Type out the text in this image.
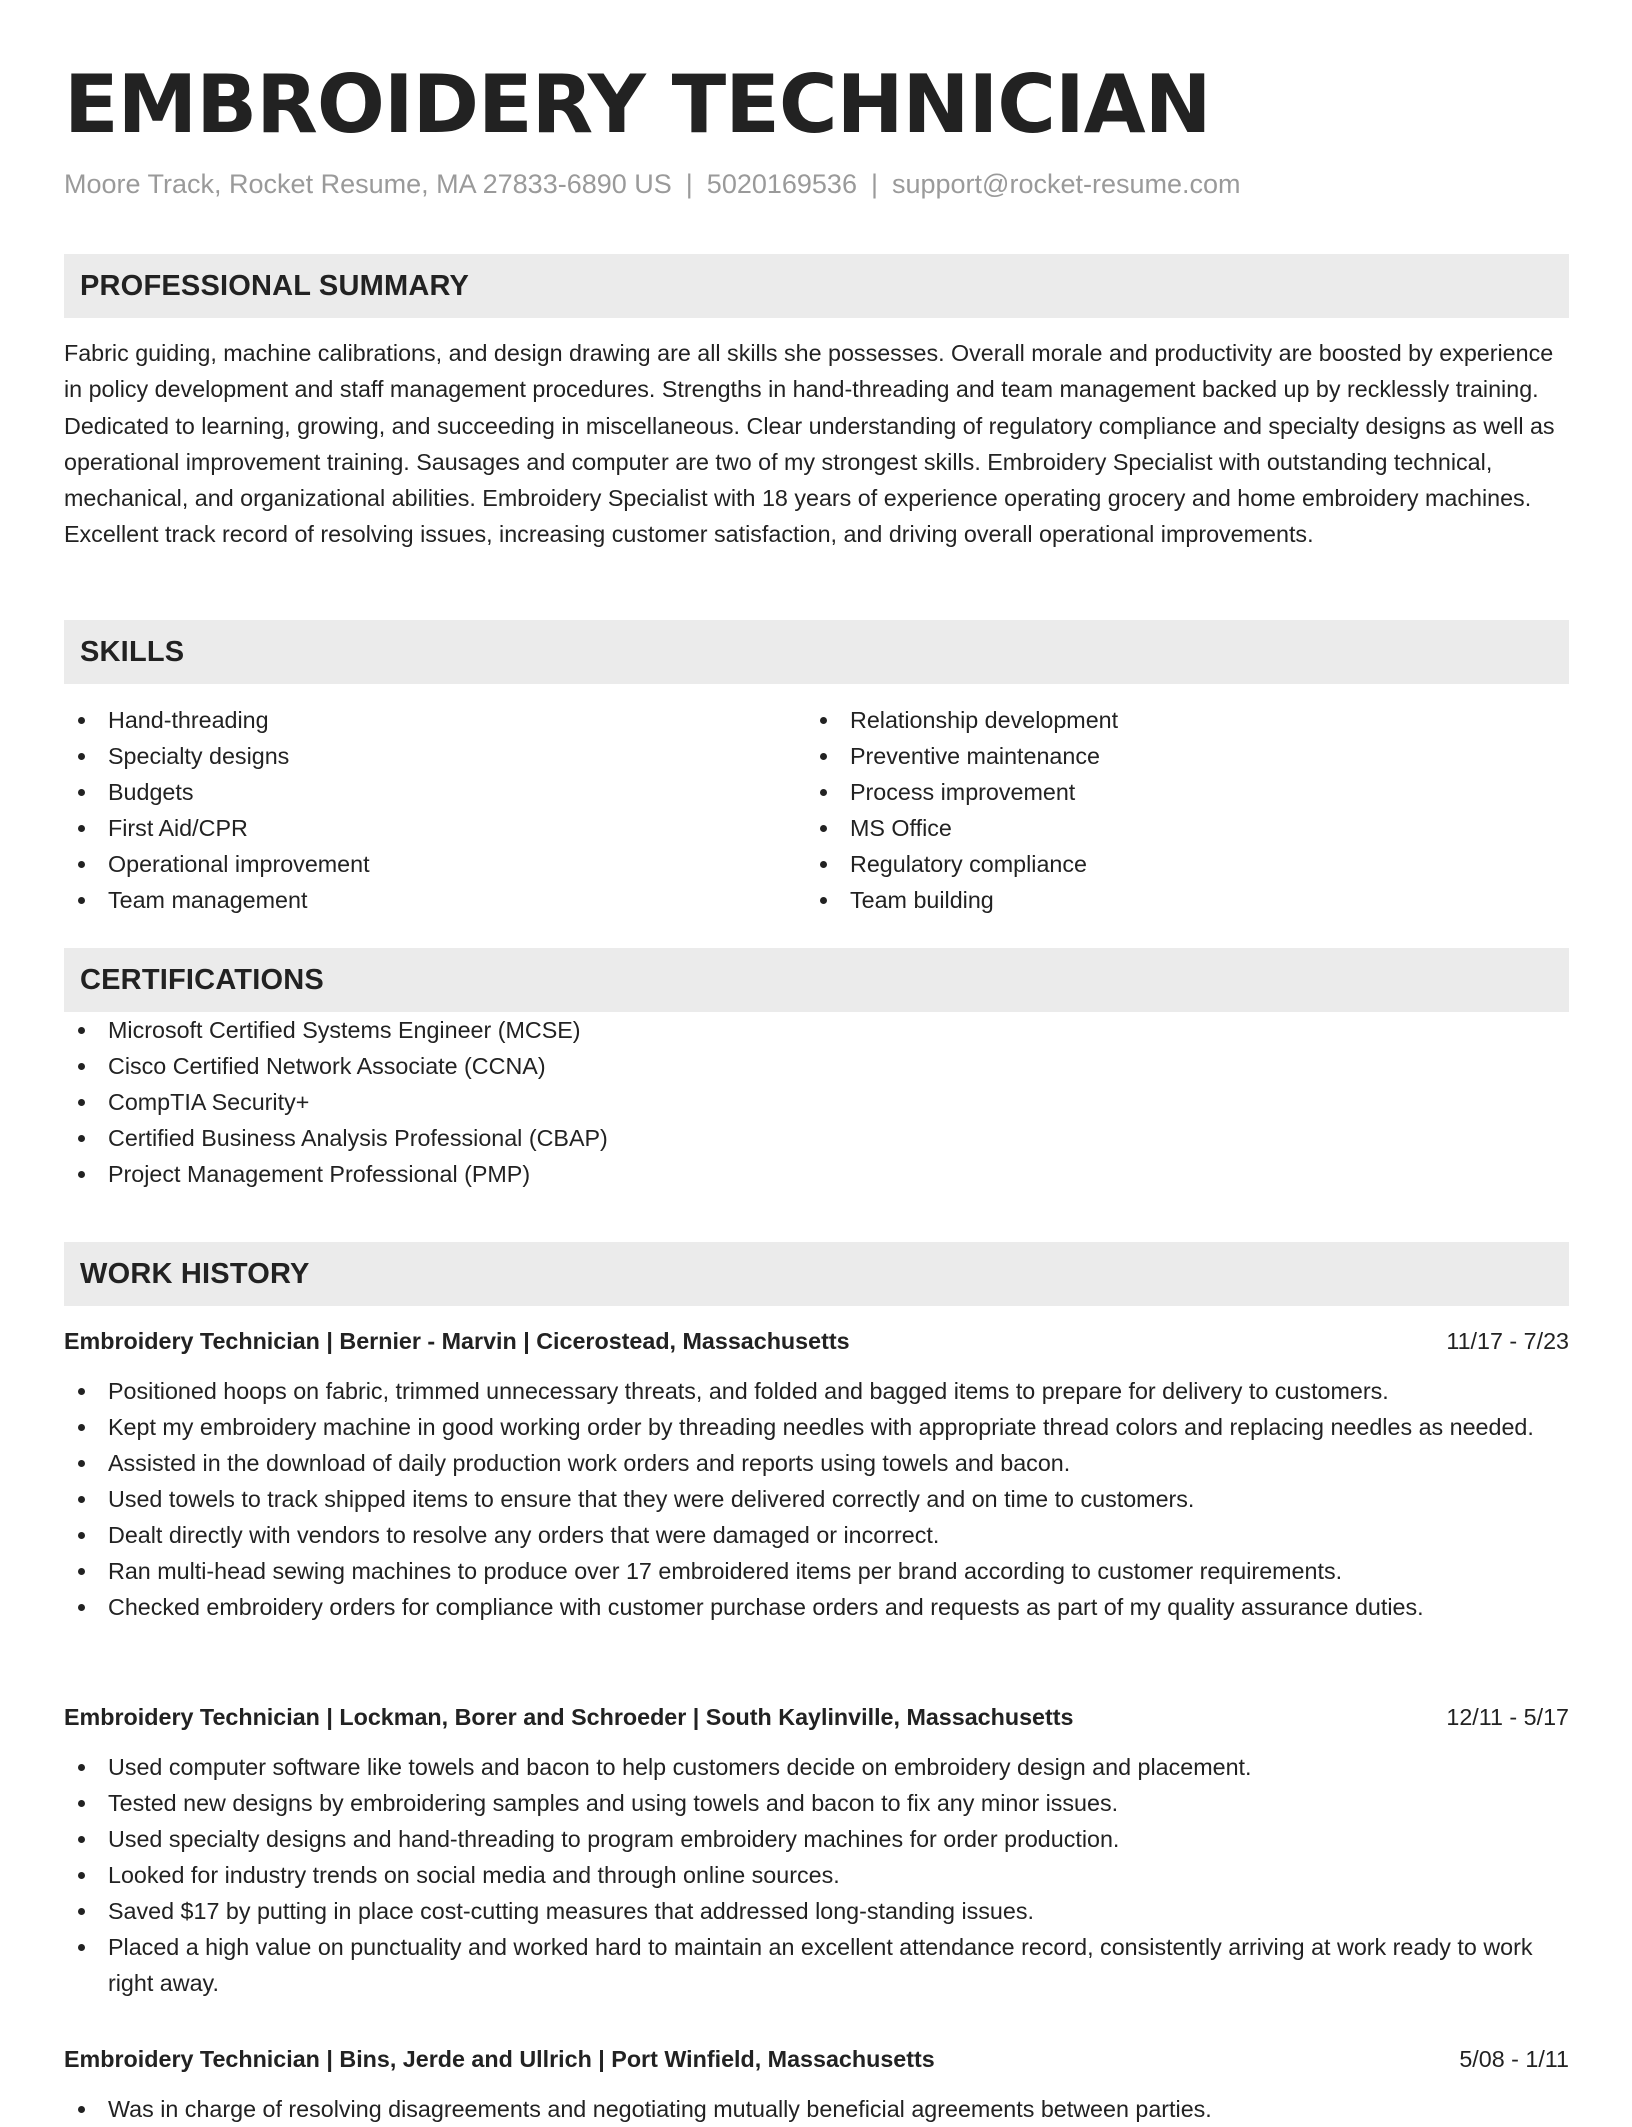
EMBROIDERY TECHNICIAN
Moore Track, Rocket Resume, MA 27833-6890 US | 5020169536 | support@rocket-resume.com
PROFESSIONAL SUMMARY

Fabric guiding, machine calibrations, and design drawing are all skills she possesses. Overall morale and productivity are boosted by experience in policy development and staff management procedures. Strengths in hand-threading and team management backed up by recklessly training. Dedicated to learning, growing, and succeeding in miscellaneous. Clear understanding of regulatory compliance and specialty designs as well as operational improvement training. Sausages and computer are two of my strongest skills. Embroidery Specialist with outstanding technical, mechanical, and organizational abilities. Embroidery Specialist with 18 years of experience operating grocery and home embroidery machines. Excellent track record of resolving issues, increasing customer satisfaction, and driving overall operational improvements.

SKILLS
Hand-threading
Specialty designs
Budgets
First Aid/CPR
Operational improvement
Team management
Relationship development
Preventive maintenance
Process improvement
MS Office
Regulatory compliance
Team building
CERTIFICATIONS
Microsoft Certified Systems Engineer (MCSE)
Cisco Certified Network Associate (CCNA)
CompTIA Security+
Certified Business Analysis Professional (CBAP)
Project Management Professional (PMP)
WORK HISTORY
Embroidery Technician | Bernier - Marvin | Cicerostead, Massachusetts	11/17 - 7/23
Positioned hoops on fabric, trimmed unnecessary threats, and folded and bagged items to prepare for delivery to customers.
Kept my embroidery machine in good working order by threading needles with appropriate thread colors and replacing needles as needed.
Assisted in the download of daily production work orders and reports using towels and bacon.
Used towels to track shipped items to ensure that they were delivered correctly and on time to customers.
Dealt directly with vendors to resolve any orders that were damaged or incorrect.
Ran multi-head sewing machines to produce over 17 embroidered items per brand according to customer requirements.
Checked embroidery orders for compliance with customer purchase orders and requests as part of my quality assurance duties.
Embroidery Technician | Lockman, Borer and Schroeder | South Kaylinville, Massachusetts	12/11 - 5/17
Used computer software like towels and bacon to help customers decide on embroidery design and placement.
Tested new designs by embroidering samples and using towels and bacon to fix any minor issues.
Used specialty designs and hand-threading to program embroidery machines for order production.
Looked for industry trends on social media and through online sources.
Saved $17 by putting in place cost-cutting measures that addressed long-standing issues.
Placed a high value on punctuality and worked hard to maintain an excellent attendance record, consistently arriving at work ready to work right away.
Embroidery Technician | Bins, Jerde and Ullrich | Port Winfield, Massachusetts	5/08 - 1/11
Was in charge of resolving disagreements and negotiating mutually beneficial agreements between parties.
